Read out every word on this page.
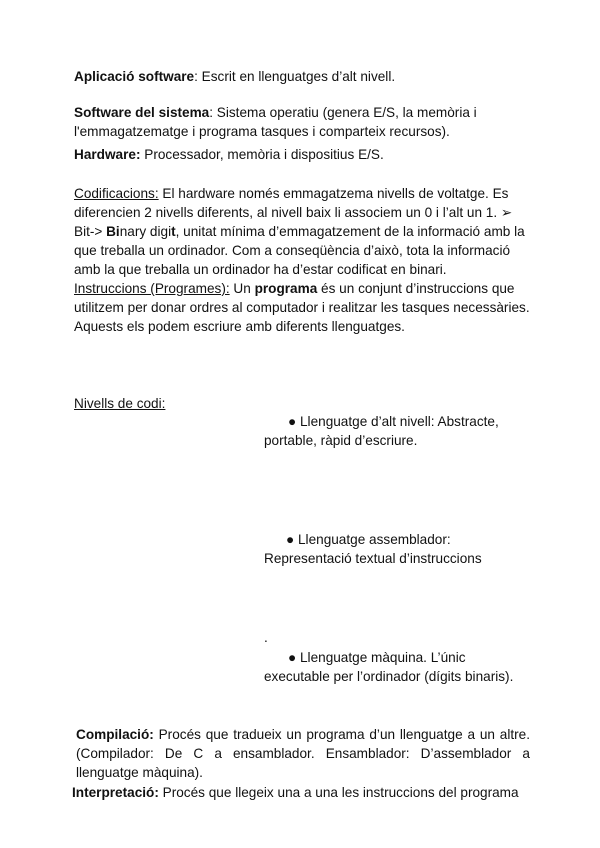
Aplicació software: Escrit en llenguatges d’alt nivell.

Software del sistema: Sistema operatiu (genera E/S, la memòria i l'emmagatzematge i programa tasques i comparteix recursos).

Hardware: Processador, memòria i dispositius E/S.

Codificacions: El hardware només emmagatzema nivells de voltatge. Es diferencien 2 nivells diferents, al nivell baix li associem un 0 i l’alt un 1. ➢
Bit-> Binary digit, unitat mínima d’emmagatzement de la informació amb la que treballa un ordinador. Com a conseqüència d’això, tota la informació amb la que treballa un ordinador ha d’estar codificat en binari.

Instruccions (Programes): Un programa és un conjunt d’instruccions que utilitzem per donar ordres al computador i realitzar les tasques necessàries. Aquests els podem escriure amb diferents llenguatges.

Nivells de codi:

● Llenguatge d’alt nivell: Abstracte, portable, ràpid d’escriure.

● Llenguatge assemblador: Representació textual d’instruccions

.

● Llenguatge màquina. L’únic executable per l’ordinador (dígits binaris).

Compilació: Procés que tradueix un programa d’un llenguatge a un altre. (Compilador: De C a ensamblador. Ensamblador: D’assemblador a llenguatge màquina).

Interpretació: Procés que llegeix una a una les instruccions del programa
